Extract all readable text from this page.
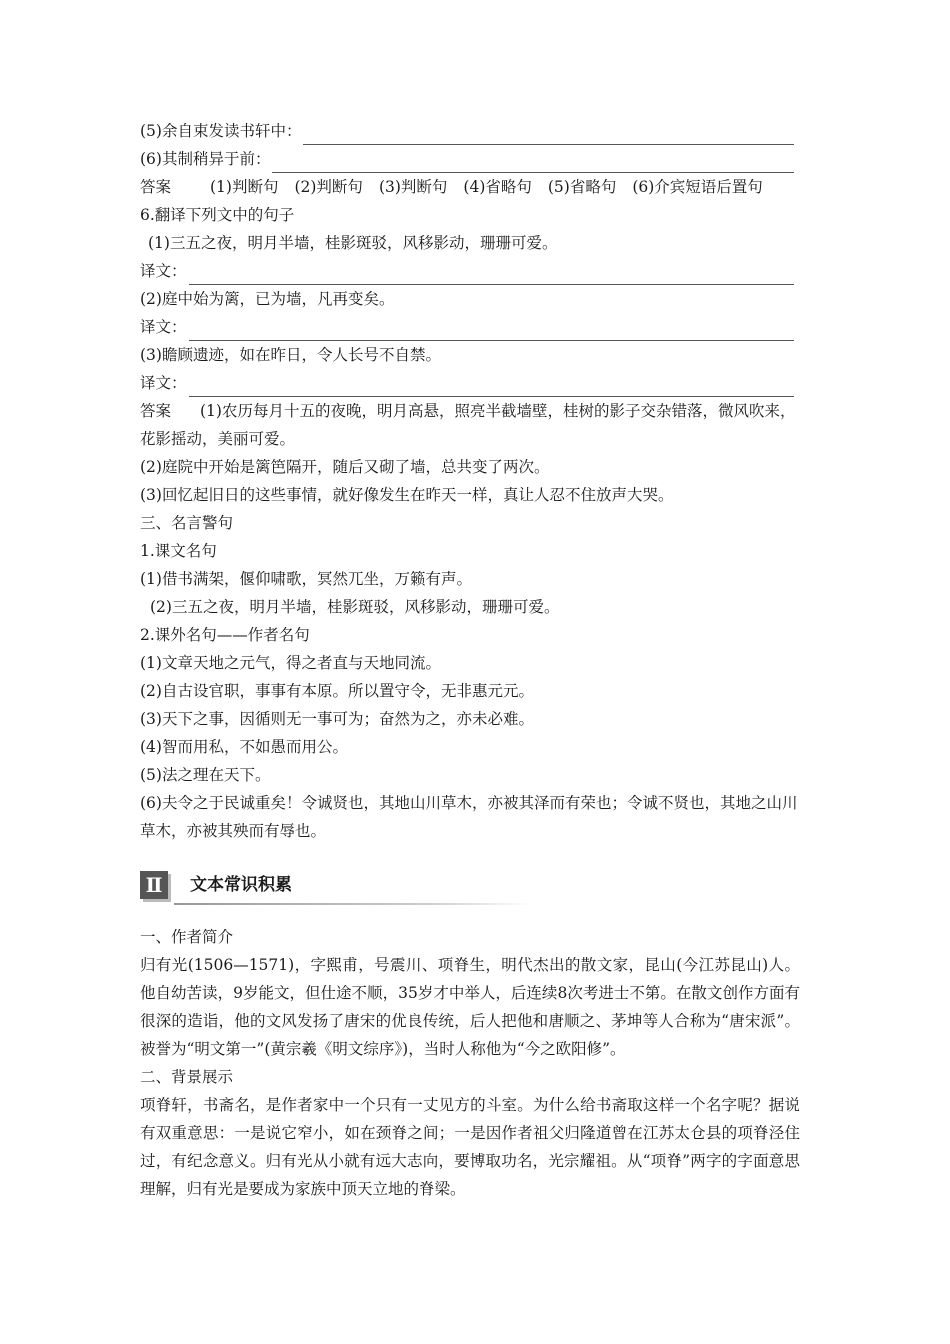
(5)余自束发读书轩中：
(6)其制稍异于前：
答案	(1)判断句 (2)判断句 (3)判断句 (4)省略句 (5)省略句 (6)介宾短语后置句
6.翻译下列文中的句子
(1)三五之夜，明月半墙，桂影斑驳，风移影动，珊珊可爱。
译文：
(2)庭中始为篱，已为墙，凡再变矣。
译文：
(3)瞻顾遗迹，如在昨日，令人长号不自禁。
译文：
答案 (1)农历每月十五的夜晚，明月高悬，照亮半截墙壁，桂树的影子交杂错落，微风吹来，花影摇动，美丽可爱。
(2)庭院中开始是篱笆隔开，随后又砌了墙，总共变了两次。
(3)回忆起旧日的这些事情，就好像发生在昨天一样，真让人忍不住放声大哭。
三、名言警句
1.课文名句
(1)借书满架，偃仰啸歌，冥然兀坐，万籁有声。
(2)三五之夜，明月半墙，桂影斑驳，风移影动，珊珊可爱。
2.课外名句——作者名句
(1)文章天地之元气，得之者直与天地同流。
(2)自古设官职，事事有本原。所以置守令，无非惠元元。
(3)天下之事，因循则无一事可为；奋然为之，亦未必难。
(4)智而用私，不如愚而用公。
(5)法之理在天下。
(6)夫令之于民诚重矣！令诚贤也，其地山川草木，亦被其泽而有荣也；令诚不贤也，其地之山川草木，亦被其殃而有辱也。
Ⅱ	文本常识积累
一、作者简介
归有光(1506—1571)，字熙甫，号震川、项脊生，明代杰出的散文家，昆山(今江苏昆山)人。他自幼苦读，9岁能文，但仕途不顺，35岁才中举人，后连续8次考进士不第。在散文创作方面有很深的造诣，他的文风发扬了唐宋的优良传统，后人把他和唐顺之、茅坤等人合称为“唐宋派”。被誉为“明文第一”(黄宗羲《明文综序》)，当时人称他为“今之欧阳修”。
二、背景展示
项脊轩，书斋名，是作者家中一个只有一丈见方的斗室。为什么给书斋取这样一个名字呢？据说有双重意思：一是说它窄小，如在颈脊之间；一是因作者祖父归隆道曾在江苏太仓县的项脊泾住过，有纪念意义。归有光从小就有远大志向，要博取功名，光宗耀祖。从“项脊”两字的字面意思理解，归有光是要成为家族中顶天立地的脊梁。
